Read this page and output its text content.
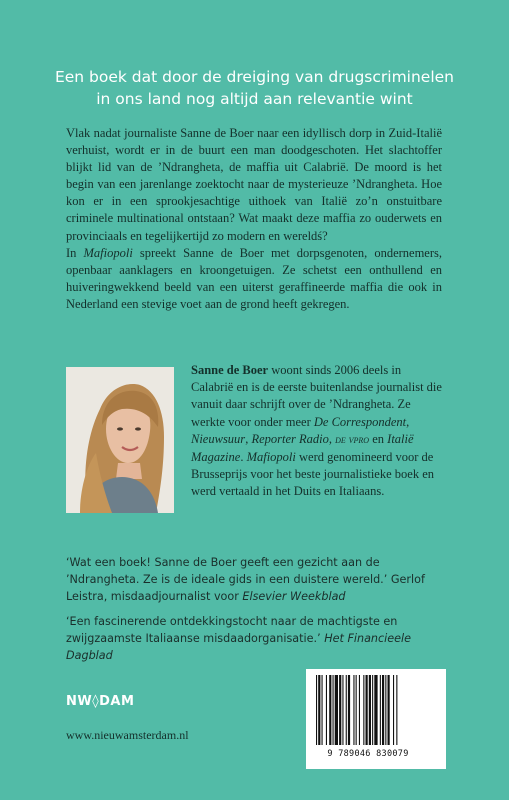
Een boek dat door de dreiging van drugscriminelen
in ons land nog altijd aan relevantie wint

Vlak nadat journaliste Sanne de Boer naar een idyllisch dorp in Zuid-Italië verhuist, wordt er in de buurt een man doodgeschoten. Het slachtoffer blijkt lid van de ’Ndrangheta, de maffia uit Calabrië. De moord is het begin van een jarenlange zoektocht naar de mysterieuze ’Ndrangheta. Hoe kon er in een sprookjesachtige uithoek van Italië zo’n onstuitbare criminele multinational ontstaan? Wat maakt deze maffia zo ouderwets en provinciaals en tegelijkertijd zo modern en wereldś?

In Mafiopoli spreekt Sanne de Boer met dorpsgenoten, ondernemers, openbaar aanklagers en kroongetuigen. Ze schetst een onthullend en huiveringwekkend beeld van een uiterst geraffineerde maffia die ook in Nederland een stevige voet aan de grond heeft gekregen.

Sanne de Boer woont sinds 2006 deels in Calabrië en is de eerste buitenlandse journalist die vanuit daar schrijft over de ’Ndrangheta. Ze werkte voor onder meer De Correspondent, Nieuwsuur, Reporter Radio, de vpro en Italië Magazine. Mafiopoli werd genomineerd voor de Brusseprijs voor het beste journalistieke boek en werd vertaald in het Duits en Italiaans.

‘Wat een boek! Sanne de Boer geeft een gezicht aan de ’Ndrangheta. Ze is de ideale gids in een duistere wereld.’ Gerlof Leistra, misdaadjournalist voor Elsevier Weekblad

‘Een fascinerende ontdekkingstocht naar de machtigste en zwijgzaamste Italiaanse misdaadorganisatie.’ Het Financieele Dagblad

NW◊DAM
www.nieuwamsterdam.nl
9 789046 830079
